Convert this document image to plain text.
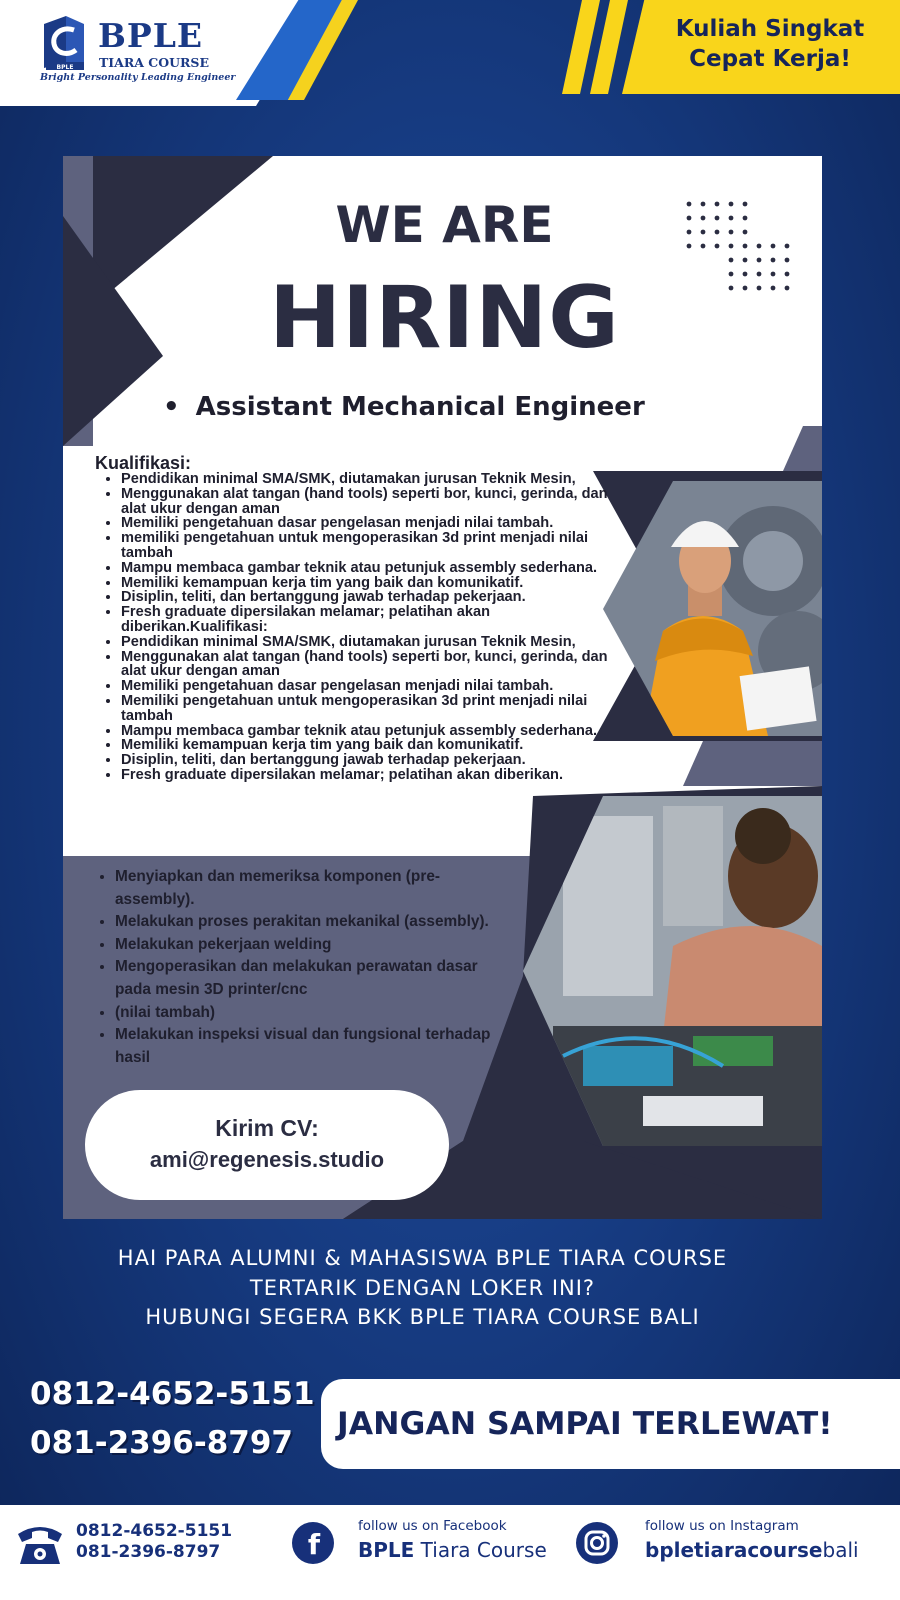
BPLE
BPLE
TIARA COURSE
Bright Personality Leading Engineer
Kuliah Singkat
Cepat Kerja!
WE ARE
HIRING
• Assistant Mechanical Engineer
Kualifikasi:
• Pendidikan minimal SMA/SMK, diutamakan jurusan Teknik Mesin,
• Menggunakan alat tangan (hand tools) seperti bor, kunci, gerinda, dan alat ukur dengan aman
• Memiliki pengetahuan dasar pengelasan menjadi nilai tambah.
• memiliki pengetahuan untuk mengoperasikan 3d print menjadi nilai tambah
• Mampu membaca gambar teknik atau petunjuk assembly sederhana.
• Memiliki kemampuan kerja tim yang baik dan komunikatif.
• Disiplin, teliti, dan bertanggung jawab terhadap pekerjaan.
• Fresh graduate dipersilakan melamar; pelatihan akan diberikan.Kualifikasi:
• Pendidikan minimal SMA/SMK, diutamakan jurusan Teknik Mesin,
• Menggunakan alat tangan (hand tools) seperti bor, kunci, gerinda, dan alat ukur dengan aman
• Memiliki pengetahuan dasar pengelasan menjadi nilai tambah.
• Memiliki pengetahuan untuk mengoperasikan 3d print menjadi nilai tambah
• Mampu membaca gambar teknik atau petunjuk assembly sederhana.
• Memiliki kemampuan kerja tim yang baik dan komunikatif.
• Disiplin, teliti, dan bertanggung jawab terhadap pekerjaan.
• Fresh graduate dipersilakan melamar; pelatihan akan diberikan.
• Menyiapkan dan memeriksa komponen (pre-assembly).
• Melakukan proses perakitan mekanikal (assembly).
• Melakukan pekerjaan welding
• Mengoperasikan dan melakukan perawatan dasar pada mesin 3D printer/cnc
• (nilai tambah)
• Melakukan inspeksi visual dan fungsional terhadap hasil
Kirim CV:
ami@regenesis.studio
HAI PARA ALUMNI & MAHASISWA BPLE TIARA COURSE
TERTARIK DENGAN LOKER INI?
HUBUNGI SEGERA BKK BPLE TIARA COURSE BALI
0812-4652-5151
081-2396-8797
JANGAN SAMPAI TERLEWAT!
0812-4652-5151
081-2396-8797	f
follow us on Facebook
BPLE Tiara Course
follow us on Instagram
bpletiaracoursebali
